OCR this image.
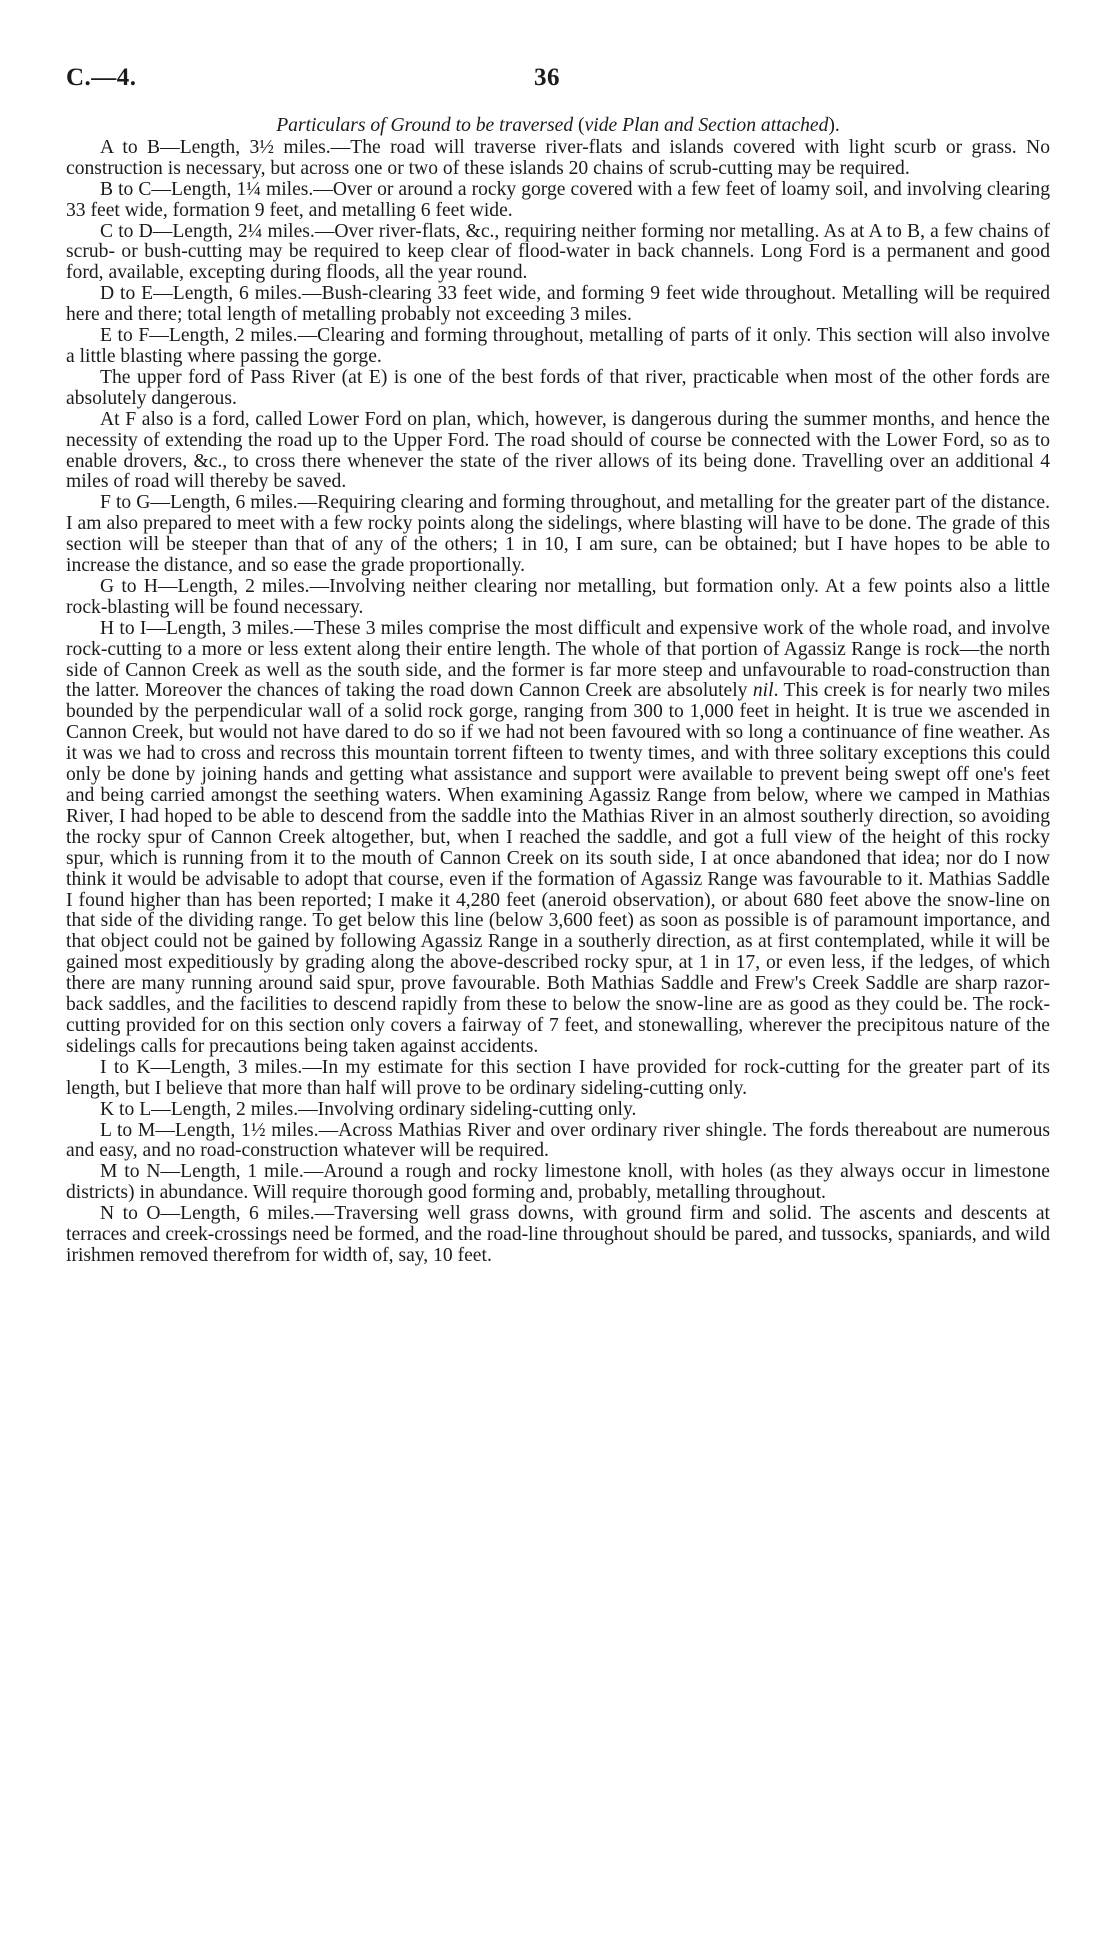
C.—4.	36

Particulars of Ground to be traversed (vide Plan and Section attached).

A to B—Length, 3½ miles.—The road will traverse river-flats and islands covered with light scurb or grass. No construction is necessary, but across one or two of these islands 20 chains of scrub-cutting may be required.

B to C—Length, 1¼ miles.—Over or around a rocky gorge covered with a few feet of loamy soil, and involving clearing 33 feet wide, formation 9 feet, and metalling 6 feet wide.

C to D—Length, 2¼ miles.—Over river-flats, &c., requiring neither forming nor metalling. As at A to B, a few chains of scrub- or bush-cutting may be required to keep clear of flood-water in back channels. Long Ford is a permanent and good ford, available, excepting during floods, all the year round.

D to E—Length, 6 miles.—Bush-clearing 33 feet wide, and forming 9 feet wide throughout. Metalling will be required here and there; total length of metalling probably not exceeding 3 miles.

E to F—Length, 2 miles.—Clearing and forming throughout, metalling of parts of it only. This section will also involve a little blasting where passing the gorge.

The upper ford of Pass River (at E) is one of the best fords of that river, practicable when most of the other fords are absolutely dangerous.

At F also is a ford, called Lower Ford on plan, which, however, is dangerous during the summer months, and hence the necessity of extending the road up to the Upper Ford. The road should of course be connected with the Lower Ford, so as to enable drovers, &c., to cross there whenever the state of the river allows of its being done. Travelling over an additional 4 miles of road will thereby be saved.

F to G—Length, 6 miles.—Requiring clearing and forming throughout, and metalling for the greater part of the distance. I am also prepared to meet with a few rocky points along the sidelings, where blasting will have to be done. The grade of this section will be steeper than that of any of the others; 1 in 10, I am sure, can be obtained; but I have hopes to be able to increase the distance, and so ease the grade proportionally.

G to H—Length, 2 miles.—Involving neither clearing nor metalling, but formation only. At a few points also a little rock-blasting will be found necessary.

H to I—Length, 3 miles.—These 3 miles comprise the most difficult and expensive work of the whole road, and involve rock-cutting to a more or less extent along their entire length. The whole of that portion of Agassiz Range is rock—the north side of Cannon Creek as well as the south side, and the former is far more steep and unfavourable to road-construction than the latter. Moreover the chances of taking the road down Cannon Creek are absolutely nil. This creek is for nearly two miles bounded by the perpendicular wall of a solid rock gorge, ranging from 300 to 1,000 feet in height. It is true we ascended in Cannon Creek, but would not have dared to do so if we had not been favoured with so long a continuance of fine weather. As it was we had to cross and recross this mountain torrent fifteen to twenty times, and with three solitary exceptions this could only be done by joining hands and getting what assistance and support were available to prevent being swept off one's feet and being carried amongst the seething waters. When examining Agassiz Range from below, where we camped in Mathias River, I had hoped to be able to descend from the saddle into the Mathias River in an almost southerly direction, so avoiding the rocky spur of Cannon Creek altogether, but, when I reached the saddle, and got a full view of the height of this rocky spur, which is running from it to the mouth of Cannon Creek on its south side, I at once abandoned that idea; nor do I now think it would be advisable to adopt that course, even if the formation of Agassiz Range was favourable to it. Mathias Saddle I found higher than has been reported; I make it 4,280 feet (aneroid observation), or about 680 feet above the snow-line on that side of the dividing range. To get below this line (below 3,600 feet) as soon as possible is of paramount importance, and that object could not be gained by following Agassiz Range in a southerly direction, as at first contemplated, while it will be gained most expeditiously by grading along the above-described rocky spur, at 1 in 17, or even less, if the ledges, of which there are many running around said spur, prove favourable. Both Mathias Saddle and Frew's Creek Saddle are sharp razor-back saddles, and the facilities to descend rapidly from these to below the snow-line are as good as they could be. The rock-cutting provided for on this section only covers a fairway of 7 feet, and stonewalling, wherever the precipitous nature of the sidelings calls for precautions being taken against accidents.

I to K—Length, 3 miles.—In my estimate for this section I have provided for rock-cutting for the greater part of its length, but I believe that more than half will prove to be ordinary sideling-cutting only.

K to L—Length, 2 miles.—Involving ordinary sideling-cutting only.

L to M—Length, 1½ miles.—Across Mathias River and over ordinary river shingle. The fords thereabout are numerous and easy, and no road-construction whatever will be required.

M to N—Length, 1 mile.—Around a rough and rocky limestone knoll, with holes (as they always occur in limestone districts) in abundance. Will require thorough good forming and, probably, metalling throughout.

N to O—Length, 6 miles.—Traversing well grass downs, with ground firm and solid. The ascents and descents at terraces and creek-crossings need be formed, and the road-line throughout should be pared, and tussocks, spaniards, and wild irishmen removed therefrom for width of, say, 10 feet.
